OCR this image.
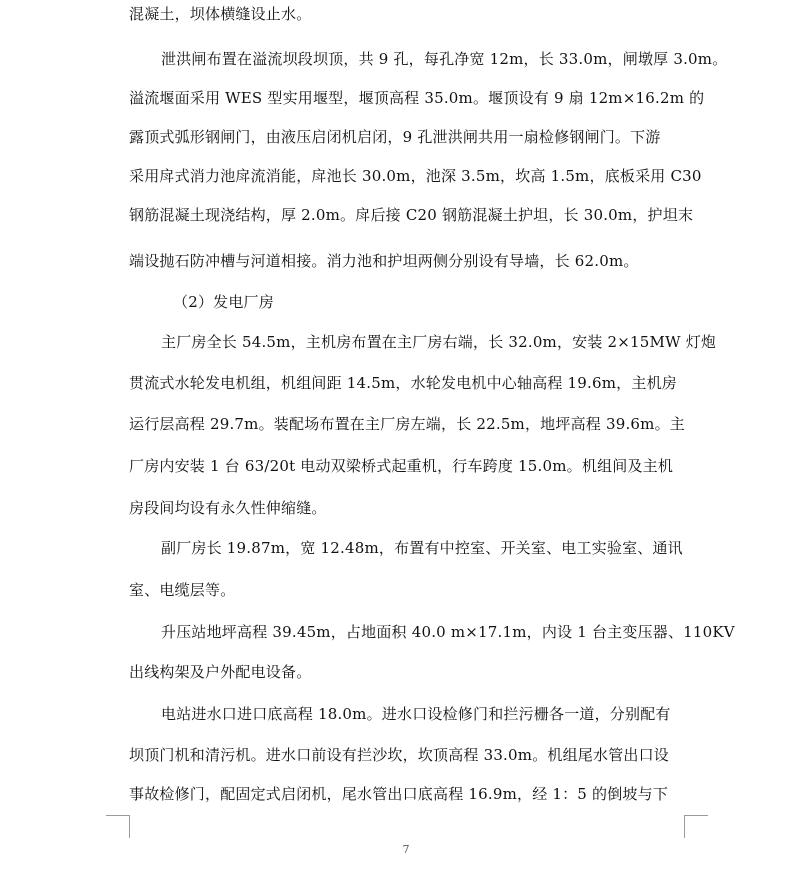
混凝土，坝体横缝设止水。
泄洪闸布置在溢流坝段坝顶，共 9 孔，每孔净宽 12m，长 33.0m，闸墩厚 3.0m。
溢流堰面采用 WES 型实用堰型，堰顶高程 35.0m。堰顶设有 9 扇 12m×16.2m 的
露顶式弧形钢闸门，由液压启闭机启闭，9 孔泄洪闸共用一扇检修钢闸门。下游
采用戽式消力池戽流消能，戽池长 30.0m，池深 3.5m，坎高 1.5m，底板采用 C30
钢筋混凝土现浇结构，厚 2.0m。戽后接 C20 钢筋混凝土护坦，长 30.0m，护坦末
端设抛石防冲槽与河道相接。消力池和护坦两侧分别设有导墙，长 62.0m。
（2）发电厂房
主厂房全长 54.5m，主机房布置在主厂房右端，长 32.0m，安装 2×15MW 灯炮
贯流式水轮发电机组，机组间距 14.5m，水轮发电机中心轴高程 19.6m，主机房
运行层高程 29.7m。装配场布置在主厂房左端，长 22.5m，地坪高程 39.6m。主
厂房内安装 1 台 63/20t 电动双梁桥式起重机，行车跨度 15.0m。机组间及主机
房段间均设有永久性伸缩缝。
副厂房长 19.87m，宽 12.48m，布置有中控室、开关室、电工实验室、通讯
室、电缆层等。
升压站地坪高程 39.45m，占地面积 40.0 m×17.1m，内设 1 台主变压器、110KV
出线构架及户外配电设备。
电站进水口进口底高程 18.0m。进水口设检修门和拦污栅各一道，分别配有
坝顶门机和清污机。进水口前设有拦沙坎，坎顶高程 33.0m。机组尾水管出口设
事故检修门，配固定式启闭机，尾水管出口底高程 16.9m，经 1：5 的倒坡与下
7
